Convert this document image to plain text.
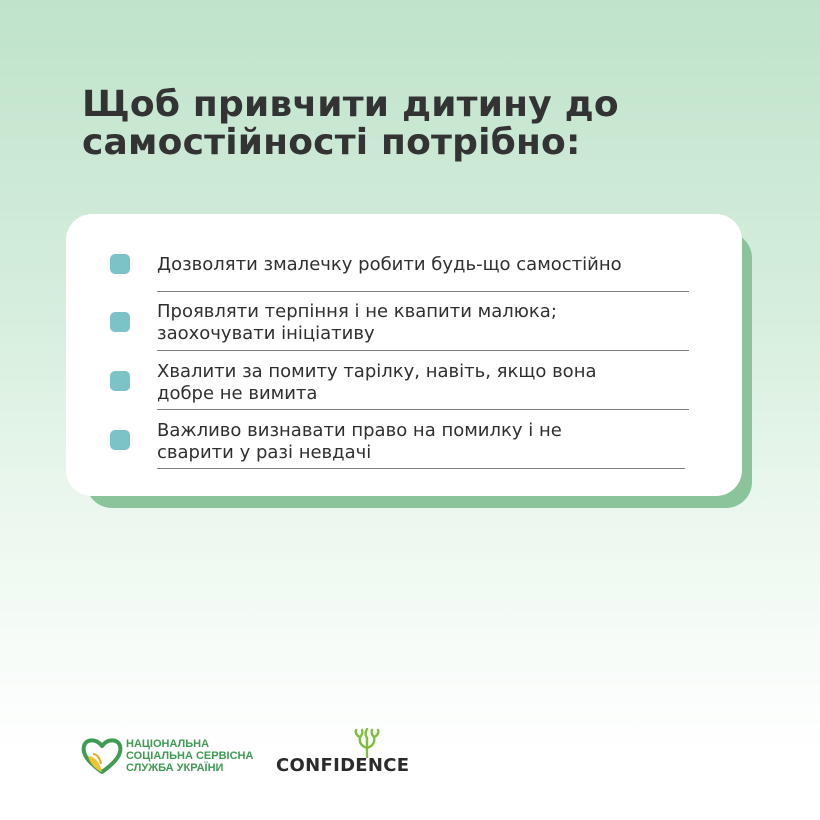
Щоб привчити дитину до
самостійності потрібно:
Дозволяти змалечку робити будь-що самостійно
Проявляти терпіння і не квапити малюка;
заохочувати ініціативу
Хвалити за помиту тарілку, навіть, якщо вона
добре не вимита
Важливо визнавати право на помилку і не
сварити у разі невдачі
НАЦІОНАЛЬНА
СОЦІАЛЬНА СЕРВІСНА
СЛУЖБА УКРАЇНИ	CONFIDENCE
